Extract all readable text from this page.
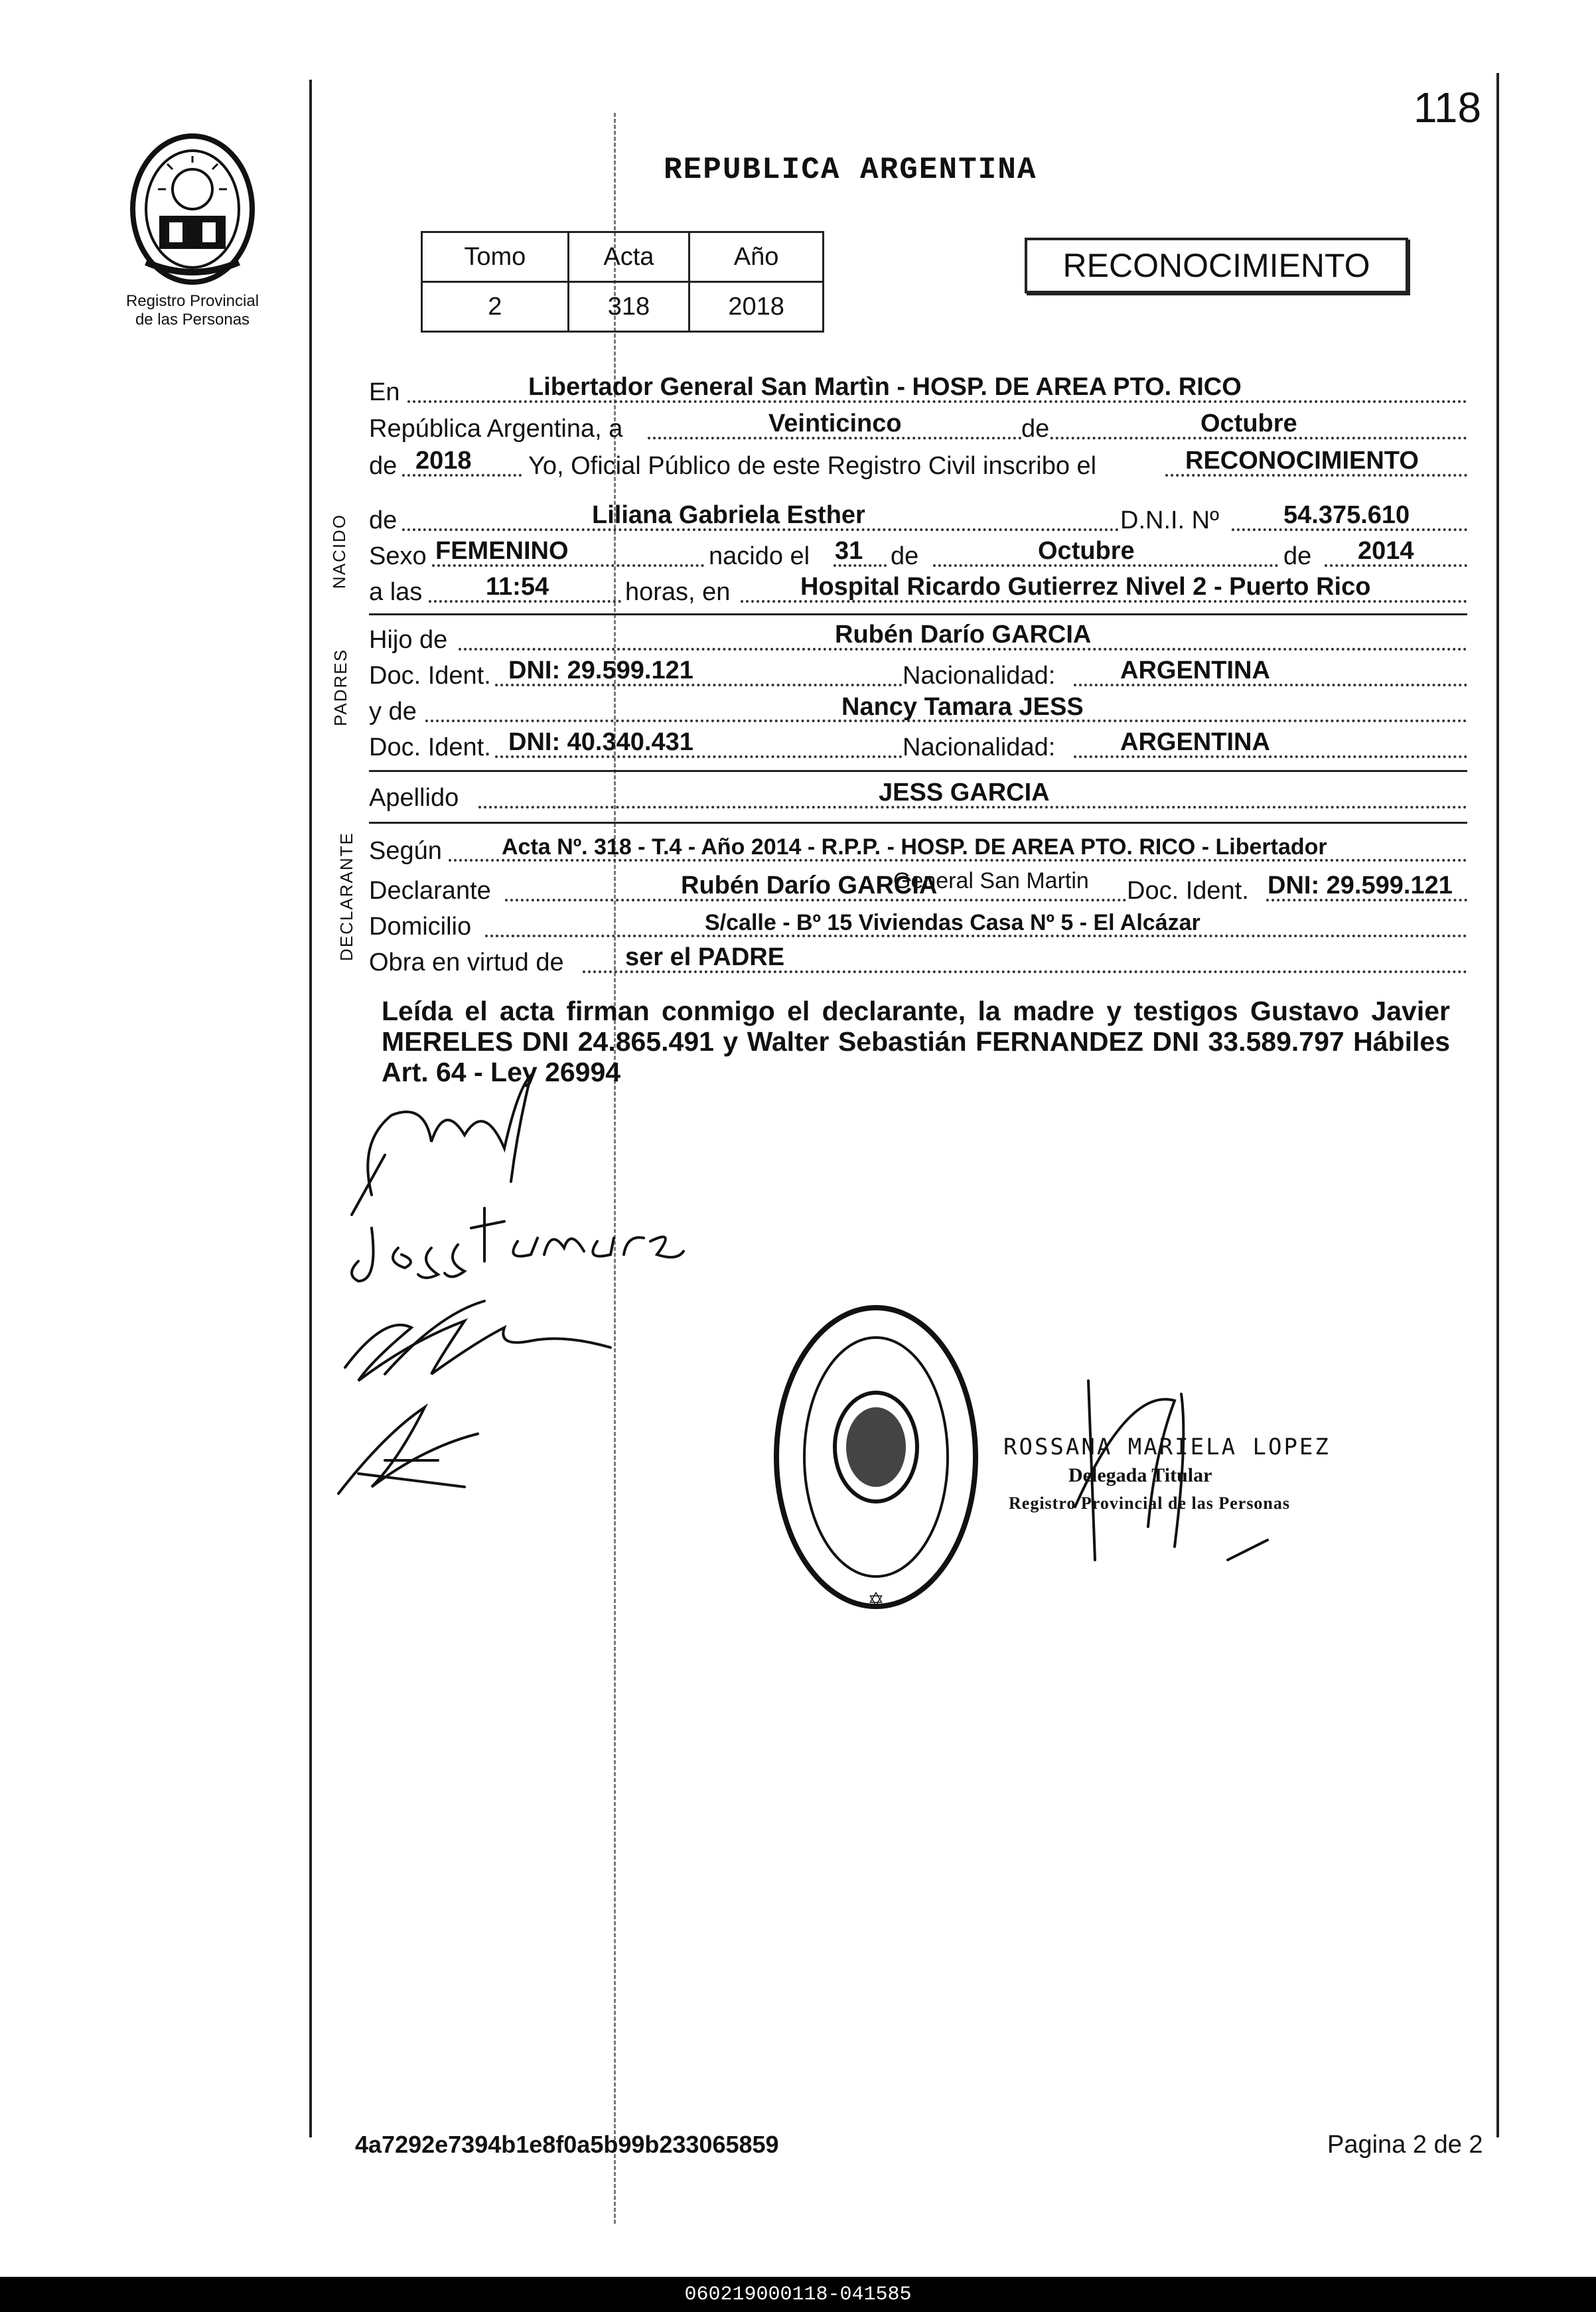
118
Registro Provincial
de las Personas
REPUBLICA ARGENTINA
Tomo	Acta	Año
2	318	2018
RECONOCIMIENTO
NACIDO
PADRES
DECLARANTE
En	Libertador General San Martìn - HOSP. DE AREA PTO. RICO
República Argentina, a	Veinticinco	de	Octubre
de 2018 Yo, Oficial Público de este Registro Civil inscribo el	RECONOCIMIENTO
de	Liliana Gabriela Esther	D.N.I. Nº	54.375.610
Sexo FEMENINO	nacido el 31 de	Octubre	de 2014
a las	11:54	horas, en	Hospital Ricardo Gutierrez Nivel 2 - Puerto Rico
Hijo de	Rubén Darío GARCIA
Doc. Ident. DNI: 29.599.121	Nacionalidad:	ARGENTINA
y de	Nancy Tamara JESS
Doc. Ident. DNI: 40.340.431	Nacionalidad:	ARGENTINA
Apellido	JESS GARCIA
Según	Acta Nº. 318 - T.4 - Año 2014 - R.P.P. - HOSP. DE AREA PTO. RICO - Libertador
Declarante	Rubén Darío GARCIA
General San Martin Doc. Ident. DNI: 29.599.121
Domicilio	S/calle - Bº 15 Viviendas Casa Nº 5 - El Alcázar
Obra en virtud de ser el PADRE
Leída el acta firman conmigo el declarante, la madre y testigos Gustavo Javier MERELES DNI 24.865.491 y Walter Sebastián FERNANDEZ DNI 33.589.797 Hábiles Art. 64 - Ley 26994
✡
ROSSANA MARIELA LOPEZ
Delegada Titular
Registro Provincial de las Personas
4a7292e7394b1e8f0a5b99b233065859	Pagina 2 de 2
060219000118-041585
